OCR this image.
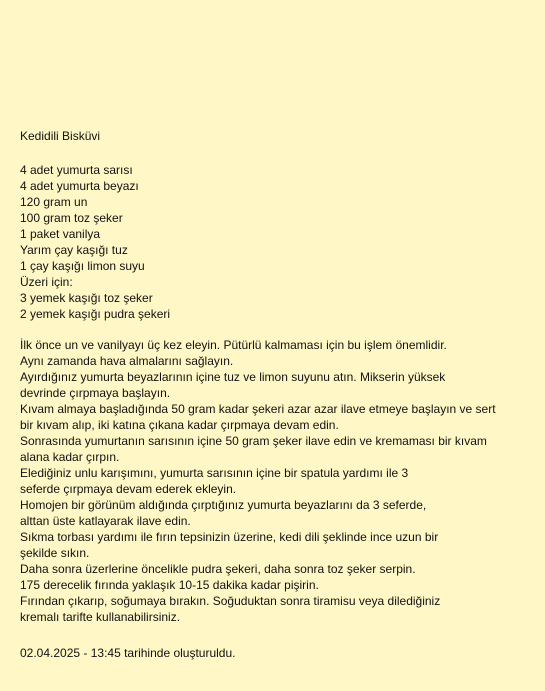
Kedidili Bisküvi
4 adet yumurta sarısı
4 adet yumurta beyazı
120 gram un
100 gram toz şeker
1 paket vanilya
Yarım çay kaşığı tuz
1 çay kaşığı limon suyu
Üzeri için:
3 yemek kaşığı toz şeker
2 yemek kaşığı pudra şekeri
İlk önce un ve vanilyayı üç kez eleyin. Pütürlü kalmaması için bu işlem önemlidir.
Aynı zamanda hava almalarını sağlayın.
Ayırdığınız yumurta beyazlarının içine tuz ve limon suyunu atın. Mikserin yüksek
devrinde çırpmaya başlayın.
Kıvam almaya başladığında 50 gram kadar şekeri azar azar ilave etmeye başlayın ve sert
bir kıvam alıp, iki katına çıkana kadar çırpmaya devam edin.
Sonrasında yumurtanın sarısının içine 50 gram şeker ilave edin ve kremaması bir kıvam
alana kadar çırpın.
Elediğiniz unlu karışımını, yumurta sarısının içine bir spatula yardımı ile 3
seferde çırpmaya devam ederek ekleyin.
Homojen bir görünüm aldığında çırptığınız yumurta beyazlarını da 3 seferde,
alttan üste katlayarak ilave edin.
Sıkma torbası yardımı ile fırın tepsinizin üzerine, kedi dili şeklinde ince uzun bir
şekilde sıkın.
Daha sonra üzerlerine öncelikle pudra şekeri, daha sonra toz şeker serpin.
175 derecelik fırında yaklaşık 10-15 dakika kadar pişirin.
Fırından çıkarıp, soğumaya bırakın. Soğuduktan sonra tiramisu veya dilediğiniz
kremalı tarifte kullanabilirsiniz.
02.04.2025 - 13:45 tarihinde oluşturuldu.
